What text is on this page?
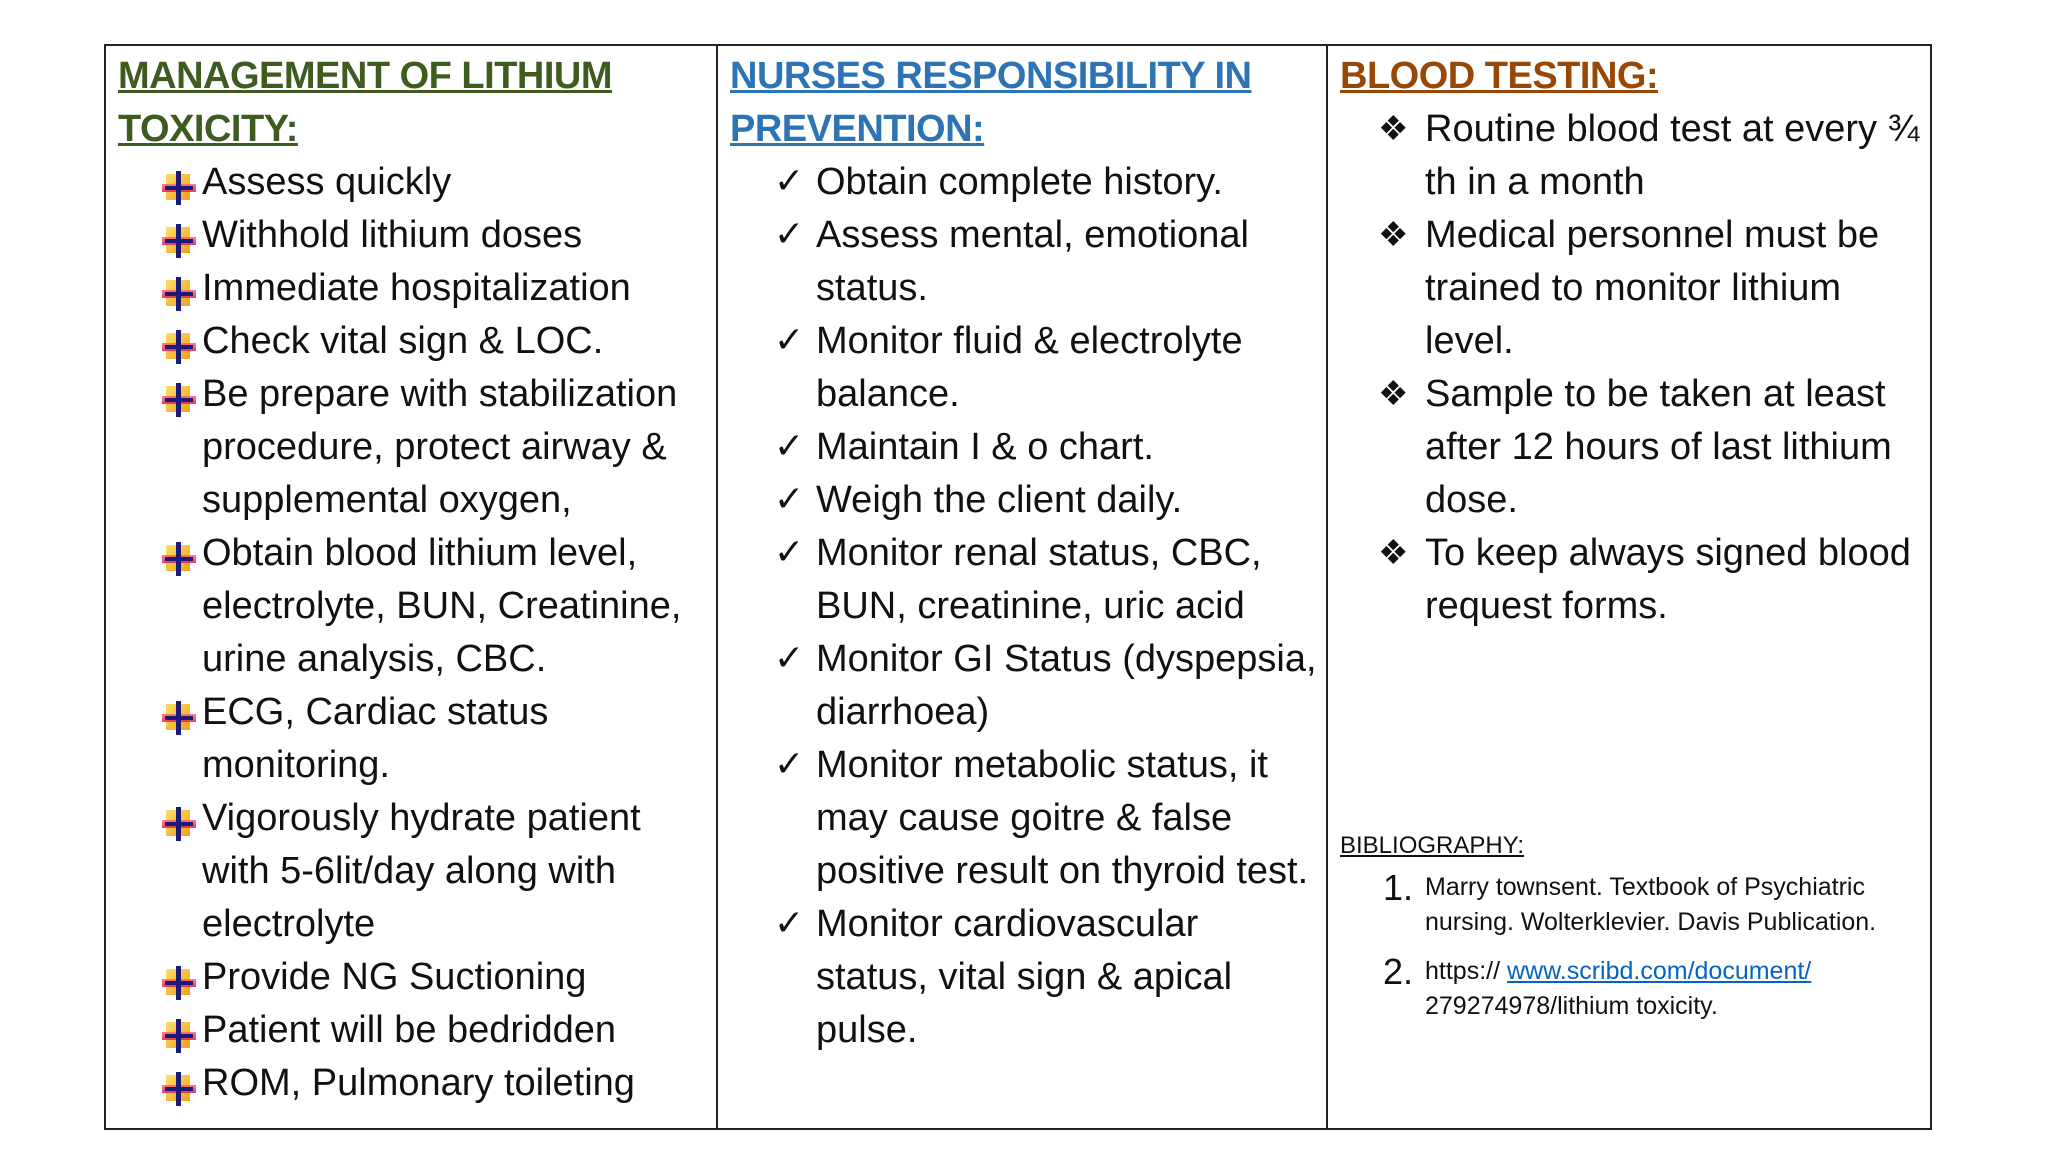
MANAGEMENT OF LITHIUM TOXICITY:
Assess quickly
Withhold lithium doses
Immediate hospitalization
Check vital sign & LOC.
Be prepare with stabilization procedure, protect airway & supplemental oxygen,
Obtain blood lithium level, electrolyte, BUN, Creatinine, urine analysis, CBC.
ECG, Cardiac status monitoring.
Vigorously hydrate patient with 5-6lit/day along with electrolyte
Provide NG Suctioning
Patient will be bedridden
ROM, Pulmonary toileting
NURSES RESPONSIBILITY IN PREVENTION:
✓ Obtain complete history.
✓ Assess mental, emotional status.
✓ Monitor fluid & electrolyte balance.
✓ Maintain I & o chart.
✓ Weigh the client daily.
✓ Monitor renal status, CBC, BUN, creatinine, uric acid
✓ Monitor GI Status (dyspepsia, diarrhoea)
✓ Monitor metabolic status, it may cause goitre & false positive result on thyroid test.
✓ Monitor cardiovascular status, vital sign & apical pulse.
BLOOD TESTING:
❖ Routine blood test at every ¾ th in a month
❖ Medical personnel must be trained to monitor lithium level.
❖ Sample to be taken at least after 12 hours of last lithium dose.
❖ To keep always signed blood request forms.
BIBLIOGRAPHY:
1. Marry townsent. Textbook of Psychiatric nursing. Wolterklevier. Davis Publication.
2. https:// www.scribd.com/document/ 279274978/lithium toxicity.
